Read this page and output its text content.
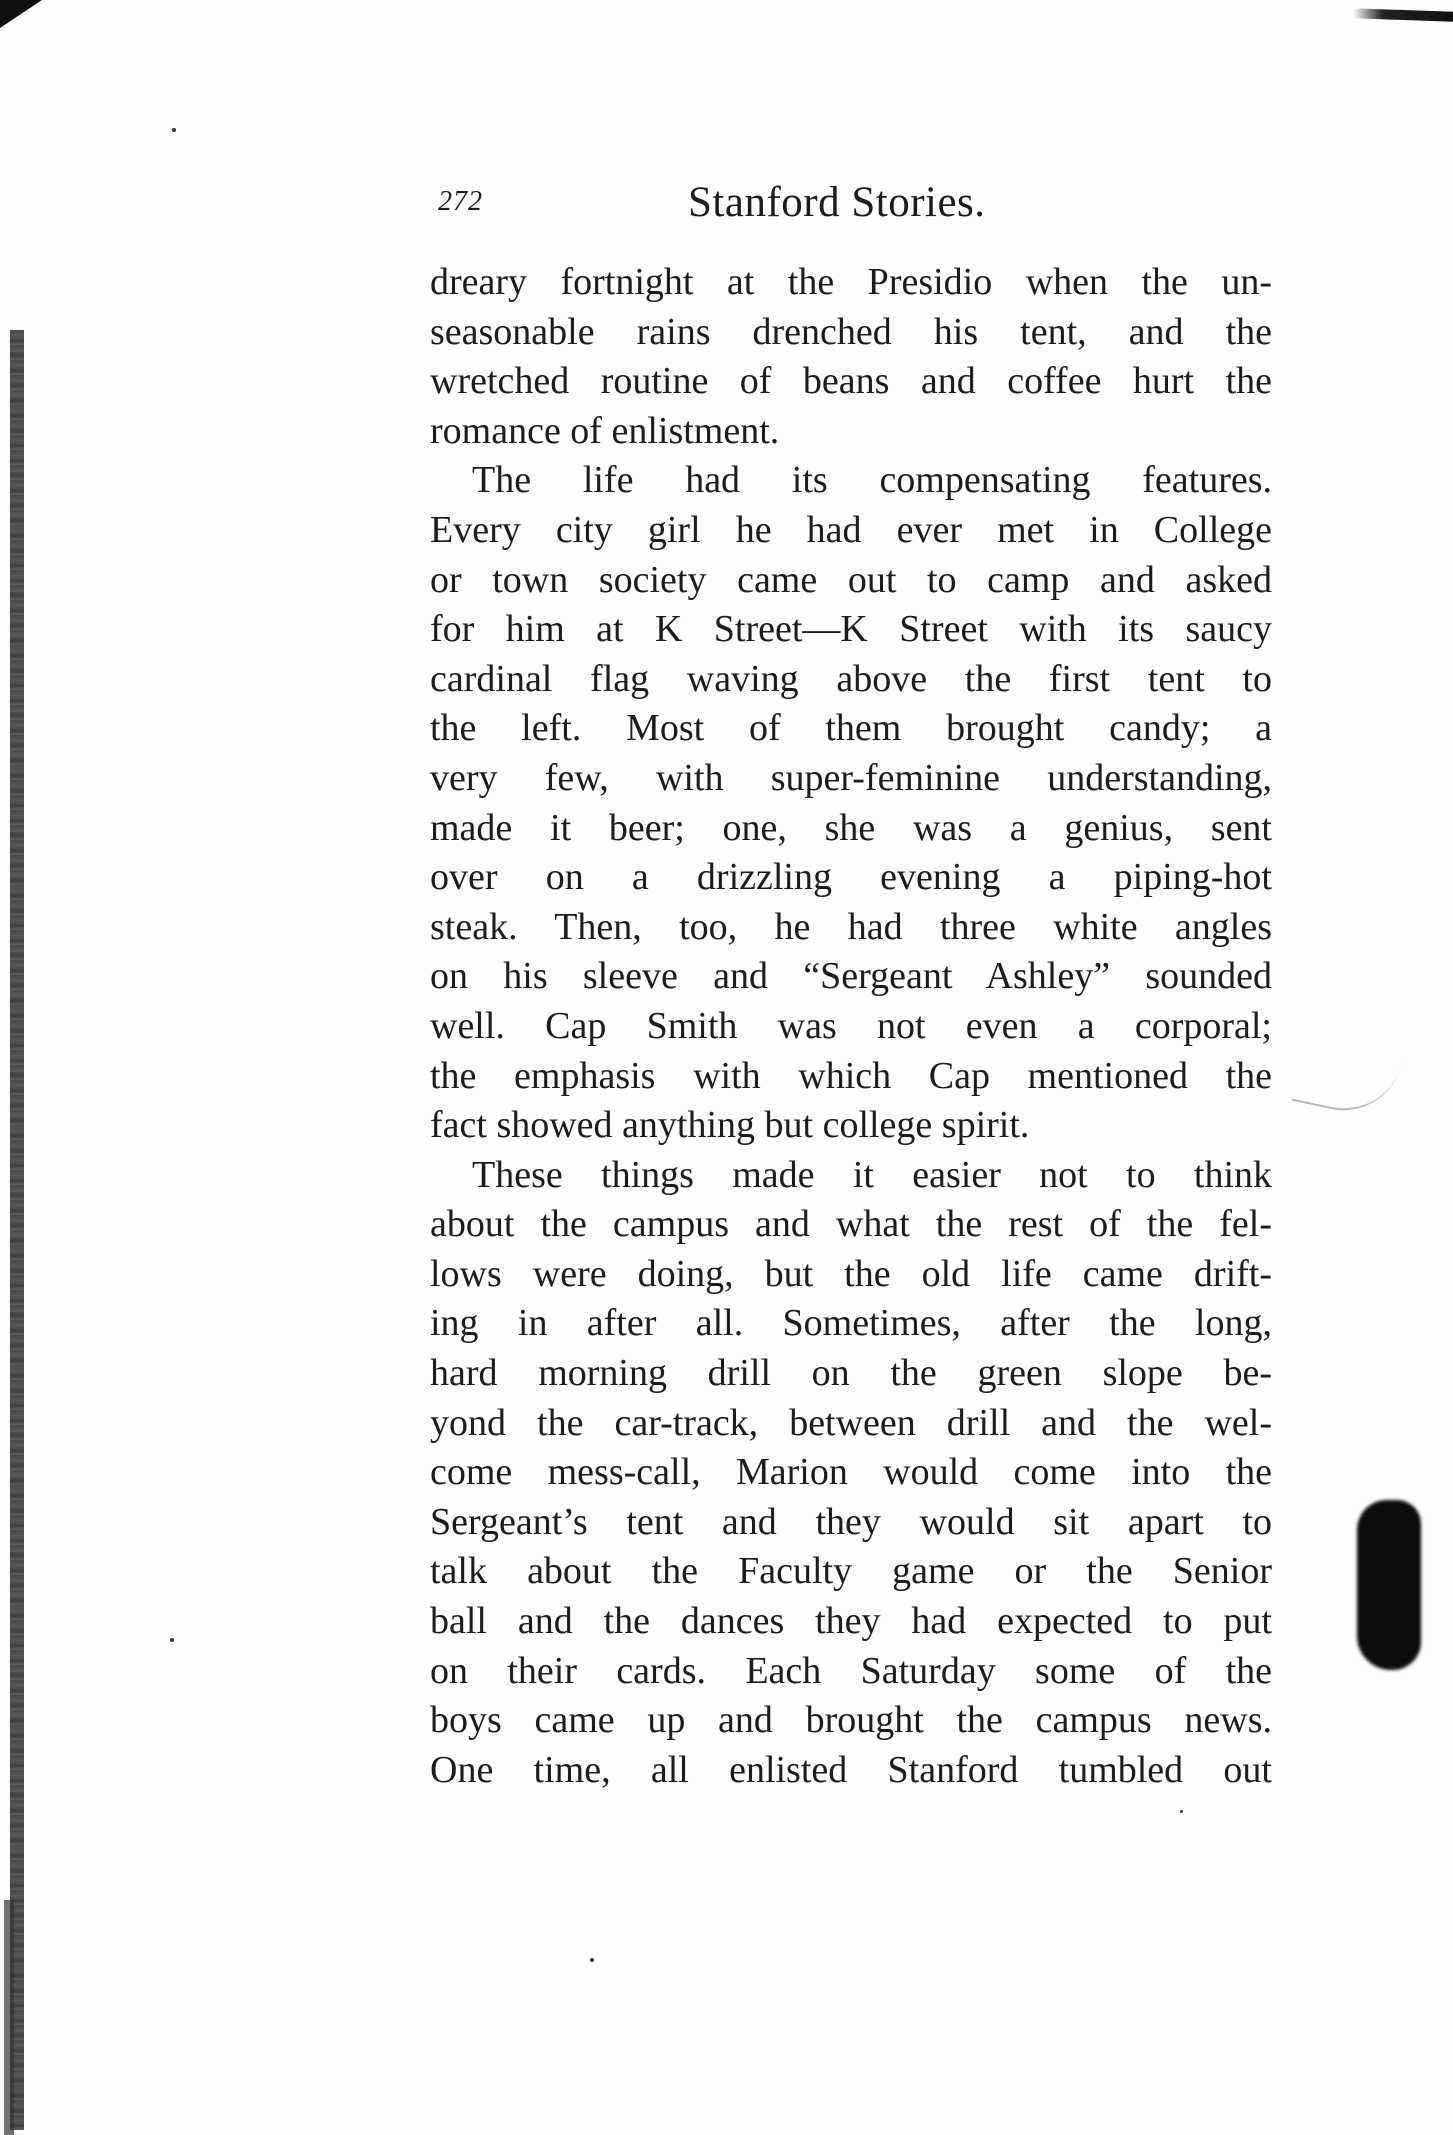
272	Stanford Stories.
dreary fortnight at the Presidio when the un-
seasonable rains drenched his tent, and the
wretched routine of beans and coffee hurt the
romance of enlistment.
The life had its compensating features.
Every city girl he had ever met in College
or town society came out to camp and asked
for him at K Street—K Street with its saucy
cardinal flag waving above the first tent to
the left. Most of them brought candy; a
very few, with super-feminine understanding,
made it beer; one, she was a genius, sent
over on a drizzling evening a piping-hot
steak. Then, too, he had three white angles
on his sleeve and “Sergeant Ashley” sounded
well. Cap Smith was not even a corporal;
the emphasis with which Cap mentioned the
fact showed anything but college spirit.
These things made it easier not to think
about the campus and what the rest of the fel-
lows were doing, but the old life came drift-
ing in after all. Sometimes, after the long,
hard morning drill on the green slope be-
yond the car-track, between drill and the wel-
come mess-call, Marion would come into the
Sergeant’s tent and they would sit apart to
talk about the Faculty game or the Senior
ball and the dances they had expected to put
on their cards. Each Saturday some of the
boys came up and brought the campus news.
One time, all enlisted Stanford tumbled out
